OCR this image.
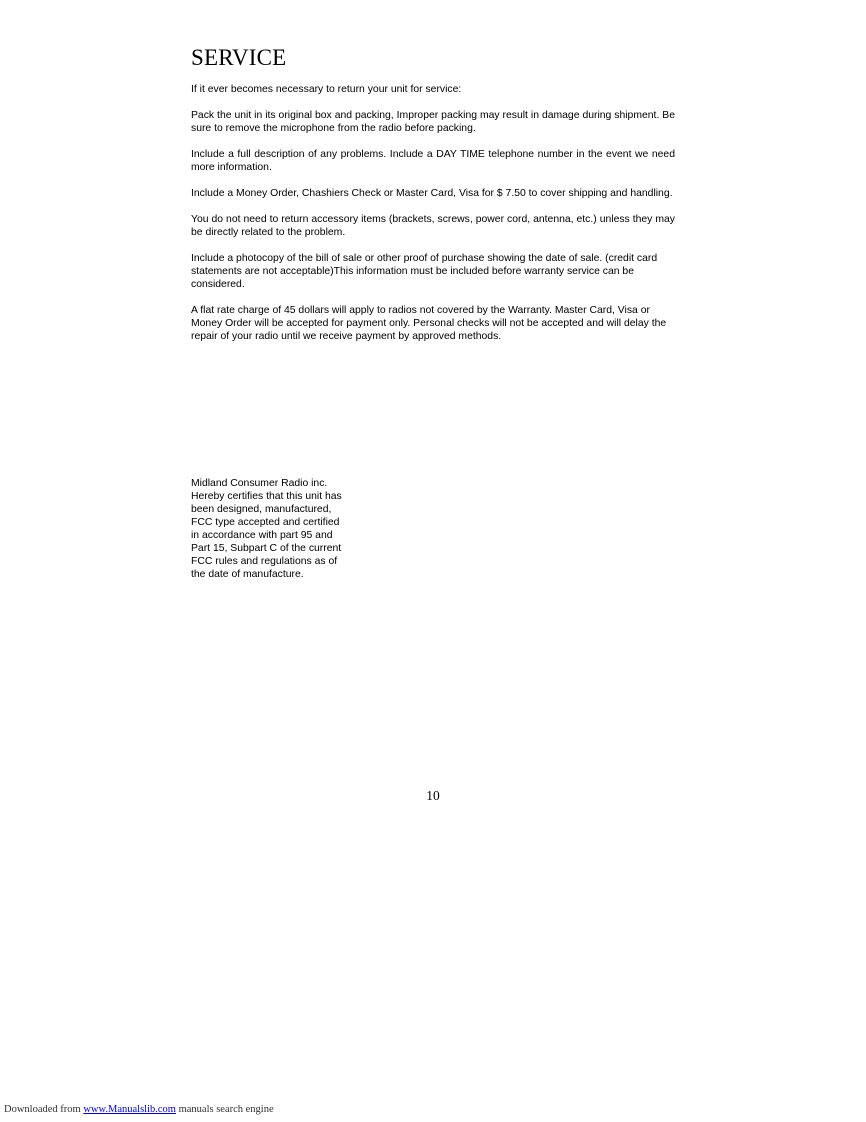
SERVICE

If it ever becomes necessary to return your unit for service:

Pack the unit in its original box and packing, Improper packing may result in damage during shipment. Be sure to remove the microphone from the radio before packing.

Include a full description of any problems. Include a DAY TIME telephone number in the event we need more information.

Include a Money Order, Chashiers Check or Master Card, Visa for $ 7.50 to cover shipping and handling.

You do not need to return accessory items (brackets, screws, power cord, antenna, etc.) unless they may be directly related to the problem.

Include a photocopy of the bill of sale or other proof of purchase showing the date of sale. (credit card statements are not acceptable)This information must be included before warranty service can be considered.

A flat rate charge of 45 dollars will apply to radios not covered by the Warranty. Master Card, Visa or Money Order will be accepted for payment only. Personal checks will not be accepted and will delay the repair of your radio until we receive payment by approved methods.

Midland Consumer Radio inc.
Hereby certifies that this unit has
been designed, manufactured,
FCC type accepted and certified
in accordance with part 95 and
Part 15, Subpart C of the current
FCC rules and regulations as of
the date of manufacture.

10
Downloaded from www.Manualslib.com manuals search engine
